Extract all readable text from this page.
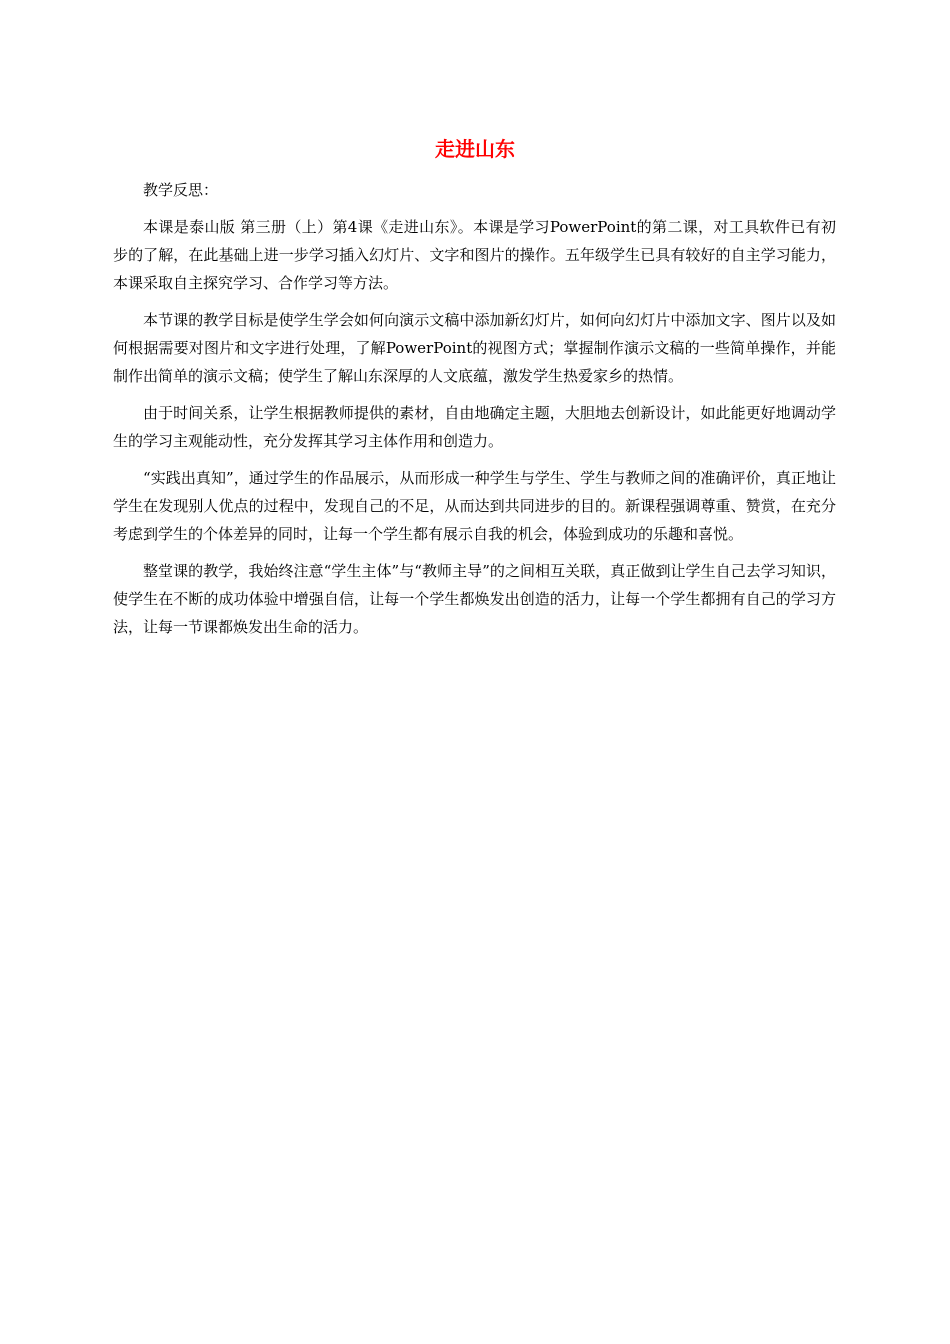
走进山东

教学反思：

本课是泰山版 第三册（上）第4课《走进山东》。本课是学习PowerPoint的第二课，对工具软件已有初步的了解，在此基础上进一步学习插入幻灯片、文字和图片的操作。五年级学生已具有较好的自主学习能力，本课采取自主探究学习、合作学习等方法。

本节课的教学目标是使学生学会如何向演示文稿中添加新幻灯片，如何向幻灯片中添加文字、图片以及如何根据需要对图片和文字进行处理，了解PowerPoint的视图方式；掌握制作演示文稿的一些简单操作，并能制作出简单的演示文稿；使学生了解山东深厚的人文底蕴，激发学生热爱家乡的热情。

由于时间关系，让学生根据教师提供的素材，自由地确定主题，大胆地去创新设计，如此能更好地调动学生的学习主观能动性，充分发挥其学习主体作用和创造力。

“实践出真知”，通过学生的作品展示，从而形成一种学生与学生、学生与教师之间的准确评价，真正地让学生在发现别人优点的过程中，发现自己的不足，从而达到共同进步的目的。新课程强调尊重、赞赏，在充分考虑到学生的个体差异的同时，让每一个学生都有展示自我的机会，体验到成功的乐趣和喜悦。

整堂课的教学，我始终注意“学生主体”与“教师主导”的之间相互关联，真正做到让学生自己去学习知识，使学生在不断的成功体验中增强自信，让每一个学生都焕发出创造的活力，让每一个学生都拥有自己的学习方法，让每一节课都焕发出生命的活力。
